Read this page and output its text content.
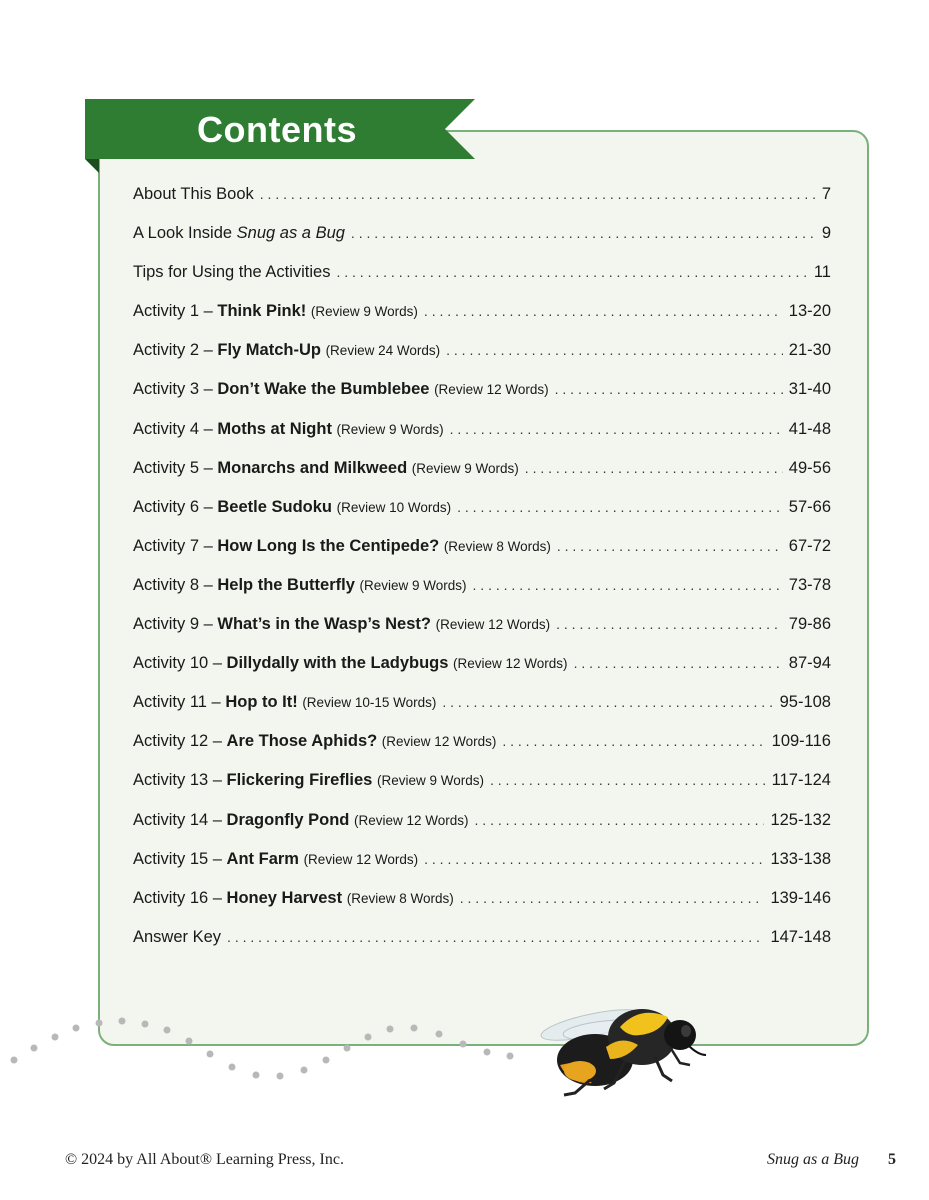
Contents
About This Book . . .	7
A Look Inside Snug as a Bug . . .	9
Tips for Using the Activities . . .	11
Activity 1 – Think Pink! (Review 9 Words) . . .	13-20
Activity 2 – Fly Match-Up (Review 24 Words) . . .	21-30
Activity 3 – Don’t Wake the Bumblebee (Review 12 Words) . . .	31-40
Activity 4 – Moths at Night (Review 9 Words) . . .	41-48
Activity 5 – Monarchs and Milkweed (Review 9 Words) . . .	49-56
Activity 6 – Beetle Sudoku (Review 10 Words) . . .	57-66
Activity 7 – How Long Is the Centipede? (Review 8 Words) . . .	67-72
Activity 8 – Help the Butterfly (Review 9 Words) . . .	73-78
Activity 9 – What’s in the Wasp’s Nest? (Review 12 Words) . . .	79-86
Activity 10 – Dillydally with the Ladybugs (Review 12 Words) . . .	87-94
Activity 11 – Hop to It! (Review 10-15 Words) . . .	95-108
Activity 12 – Are Those Aphids? (Review 12 Words) . . .	109-116
Activity 13 – Flickering Fireflies (Review 9 Words) . . .	117-124
Activity 14 – Dragonfly Pond (Review 12 Words) . . .	125-132
Activity 15 – Ant Farm (Review 12 Words) . . .	133-138
Activity 16 – Honey Harvest (Review 8 Words) . . .	139-146
Answer Key . . .	147-148
© 2024 by All About® Learning Press, Inc.	Snug as a Bug 5
